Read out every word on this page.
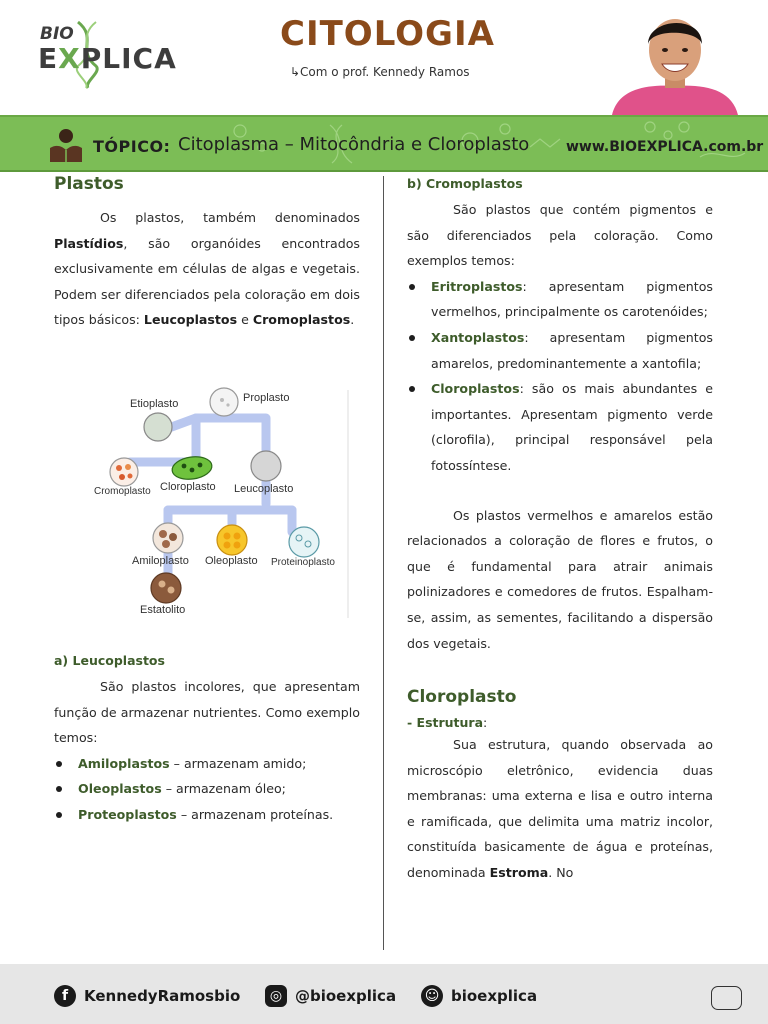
BIO
EXPLICA
CITOLOGIA
↳Com o prof. Kennedy Ramos
TÓPICO: Citoplasma – Mitocôndria e Cloroplasto	www.BIOEXPLICA.com.br
Plastos

Os plastos, também denominados Plastídios, são organóides encontrados exclusivamente em células de algas e vegetais. Podem ser diferenciados pela coloração em dois tipos básicos: Leucoplastos e Cromoplastos.

Etioplasto	Proplasto
Cromoplasto Cloroplasto Leucoplasto
Amiloplasto Oleoplasto Proteinoplasto
Estatolito
a) Leucoplastos

São plastos incolores, que apresentam função de armazenar nutrientes. Como exemplo temos:

Amiloplastos – armazenam amido;
Oleoplastos – armazenam óleo;
Proteoplastos – armazenam proteínas.
b) Cromoplastos

São plastos que contém pigmentos e são diferenciados pela coloração. Como exemplos temos:

Eritroplastos: apresentam pigmentos vermelhos, principalmente os carotenóides;
Xantoplastos: apresentam pigmentos amarelos, predominantemente a xantofila;
Cloroplastos: são os mais abundantes e importantes. Apresentam pigmento verde (clorofila), principal responsável pela fotossíntese.

Os plastos vermelhos e amarelos estão relacionados a coloração de flores e frutos, o que é fundamental para atrair animais polinizadores e comedores de frutos. Espalham-se, assim, as sementes, facilitando a dispersão dos vegetais.

Cloroplasto
- Estrutura:

Sua estrutura, quando observada ao microscópio eletrônico, evidencia duas membranas: uma externa e lisa e outro interna e ramificada, que delimita uma matriz incolor, constituída basicamente de água e proteínas, denominada Estroma. No

f	KennedyRamosbio	◎ @bioexplica ☺ bioexplica
